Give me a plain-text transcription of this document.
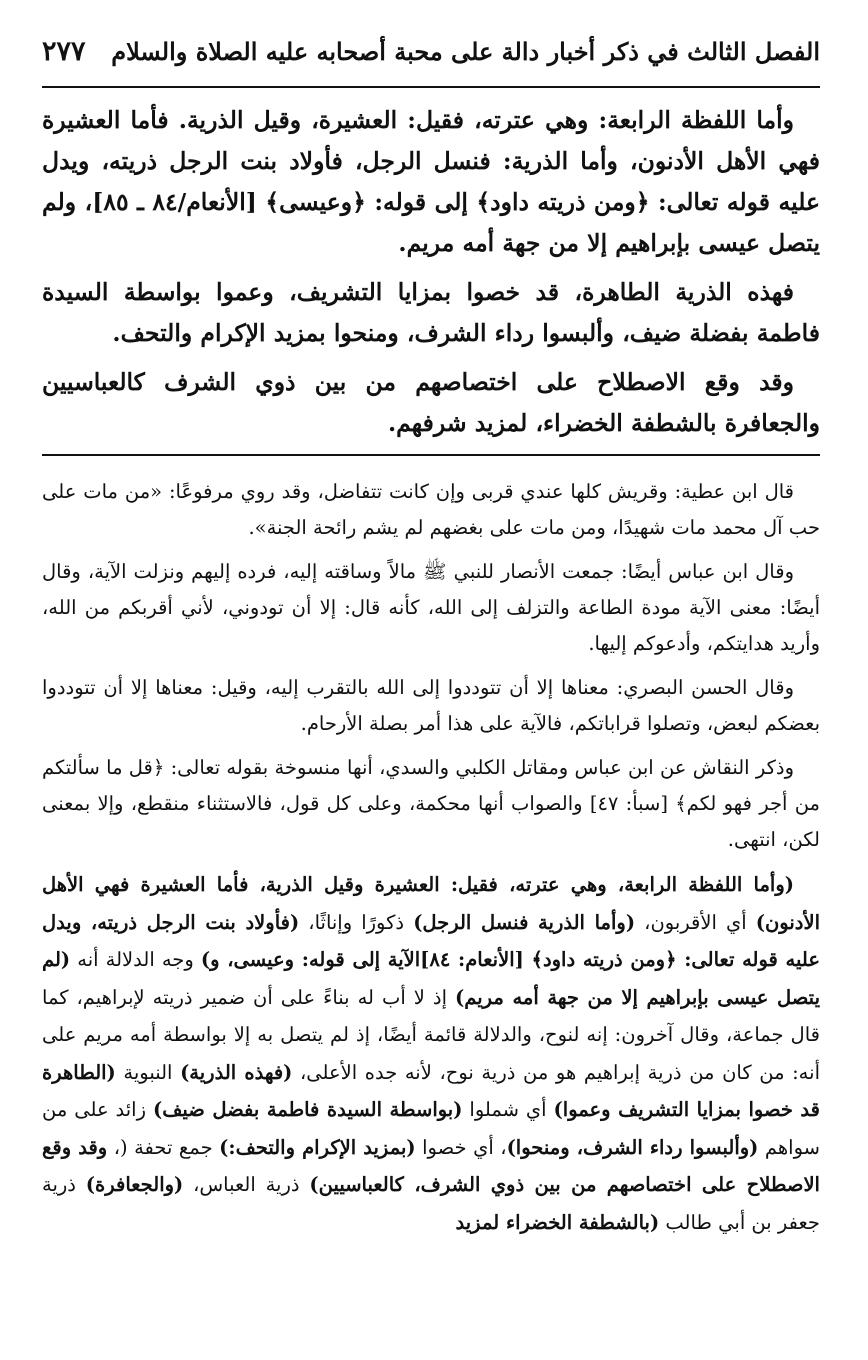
الفصل الثالث في ذكر أخبار دالة على محبة أصحابه عليه الصلاة والسلام
٢٧٧

وأما اللفظة الرابعة: وهي عترته، فقيل: العشيرة، وقيل الذرية. فأما العشيرة فهي الأهل الأدنون، وأما الذرية: فنسل الرجل، فأولاد بنت الرجل ذريته، ويدل عليه قوله تعالى: ﴿ومن ذريته داود﴾ إلى قوله: ﴿وعيسى﴾ [الأنعام/٨٤ ـ ٨٥]، ولم يتصل عيسى بإبراهيم إلا من جهة أمه مريم.

فهذه الذرية الطاهرة، قد خصوا بمزايا التشريف، وعموا بواسطة السيدة فاطمة بفضلة ضيف، وألبسوا رداء الشرف، ومنحوا بمزيد الإكرام والتحف.

وقد وقع الاصطلاح على اختصاصهم من بين ذوي الشرف كالعباسيين والجعافرة بالشطفة الخضراء، لمزيد شرفهم.

قال ابن عطية: وقريش كلها عندي قربى وإن كانت تتفاضل، وقد روي مرفوعًا: «من مات على حب آل محمد مات شهيدًا، ومن مات على بغضهم لم يشم رائحة الجنة».

وقال ابن عباس أيضًا: جمعت الأنصار للنبي ﷺ مالاً وساقته إليه، فرده إليهم ونزلت الآية، وقال أيضًا: معنى الآية مودة الطاعة والتزلف إلى الله، كأنه قال: إلا أن تودوني، لأني أقربكم من الله، وأريد هدايتكم، وأدعوكم إليها.

وقال الحسن البصري: معناها إلا أن تتوددوا إلى الله بالتقرب إليه، وقيل: معناها إلا أن تتوددوا بعضكم لبعض، وتصلوا قراباتكم، فالآية على هذا أمر بصلة الأرحام.

وذكر النقاش عن ابن عباس ومقاتل الكلبي والسدي، أنها منسوخة بقوله تعالى: ﴿قل ما سألتكم من أجر فهو لكم﴾ [سبأ: ٤٧] والصواب أنها محكمة، وعلى كل قول، فالاستثناء منقطع، وإلا بمعنى لكن، انتهى.

(وأما اللفظة الرابعة، وهي عترته، فقيل: العشيرة وقيل الذرية، فأما العشيرة فهي الأهل الأدنون) أي الأقربون، (وأما الذرية فنسل الرجل) ذكورًا وإناثًا، (فأولاد بنت الرجل ذريته، ويدل عليه قوله تعالى: ﴿ومن ذريته داود﴾ [الأنعام: ٨٤]الآية إلى قوله: وعيسى، و) وجه الدلالة أنه (لم يتصل عيسى بإبراهيم إلا من جهة أمه مريم) إذ لا أب له بناءً على أن ضمير ذريته لإبراهيم، كما قال جماعة، وقال آخرون: إنه لنوح، والدلالة قائمة أيضًا، إذ لم يتصل به إلا بواسطة أمه مريم على أنه: من كان من ذرية إبراهيم هو من ذرية نوح، لأنه جده الأعلى، (فهذه الذرية) النبوية (الطاهرة قد خصوا بمزايا التشريف وعموا) أي شملوا (بواسطة السيدة فاطمة بفضل ضيف) زائد على من سواهم (وألبسوا رداء الشرف، ومنحوا)، أي خصوا (بمزيد الإكرام والتحف:) جمع تحفة (، وقد وقع الاصطلاح على اختصاصهم من بين ذوي الشرف، كالعباسيين) ذرية العباس، (والجعافرة) ذرية جعفر بن أبي طالب (بالشطفة الخضراء لمزيد
